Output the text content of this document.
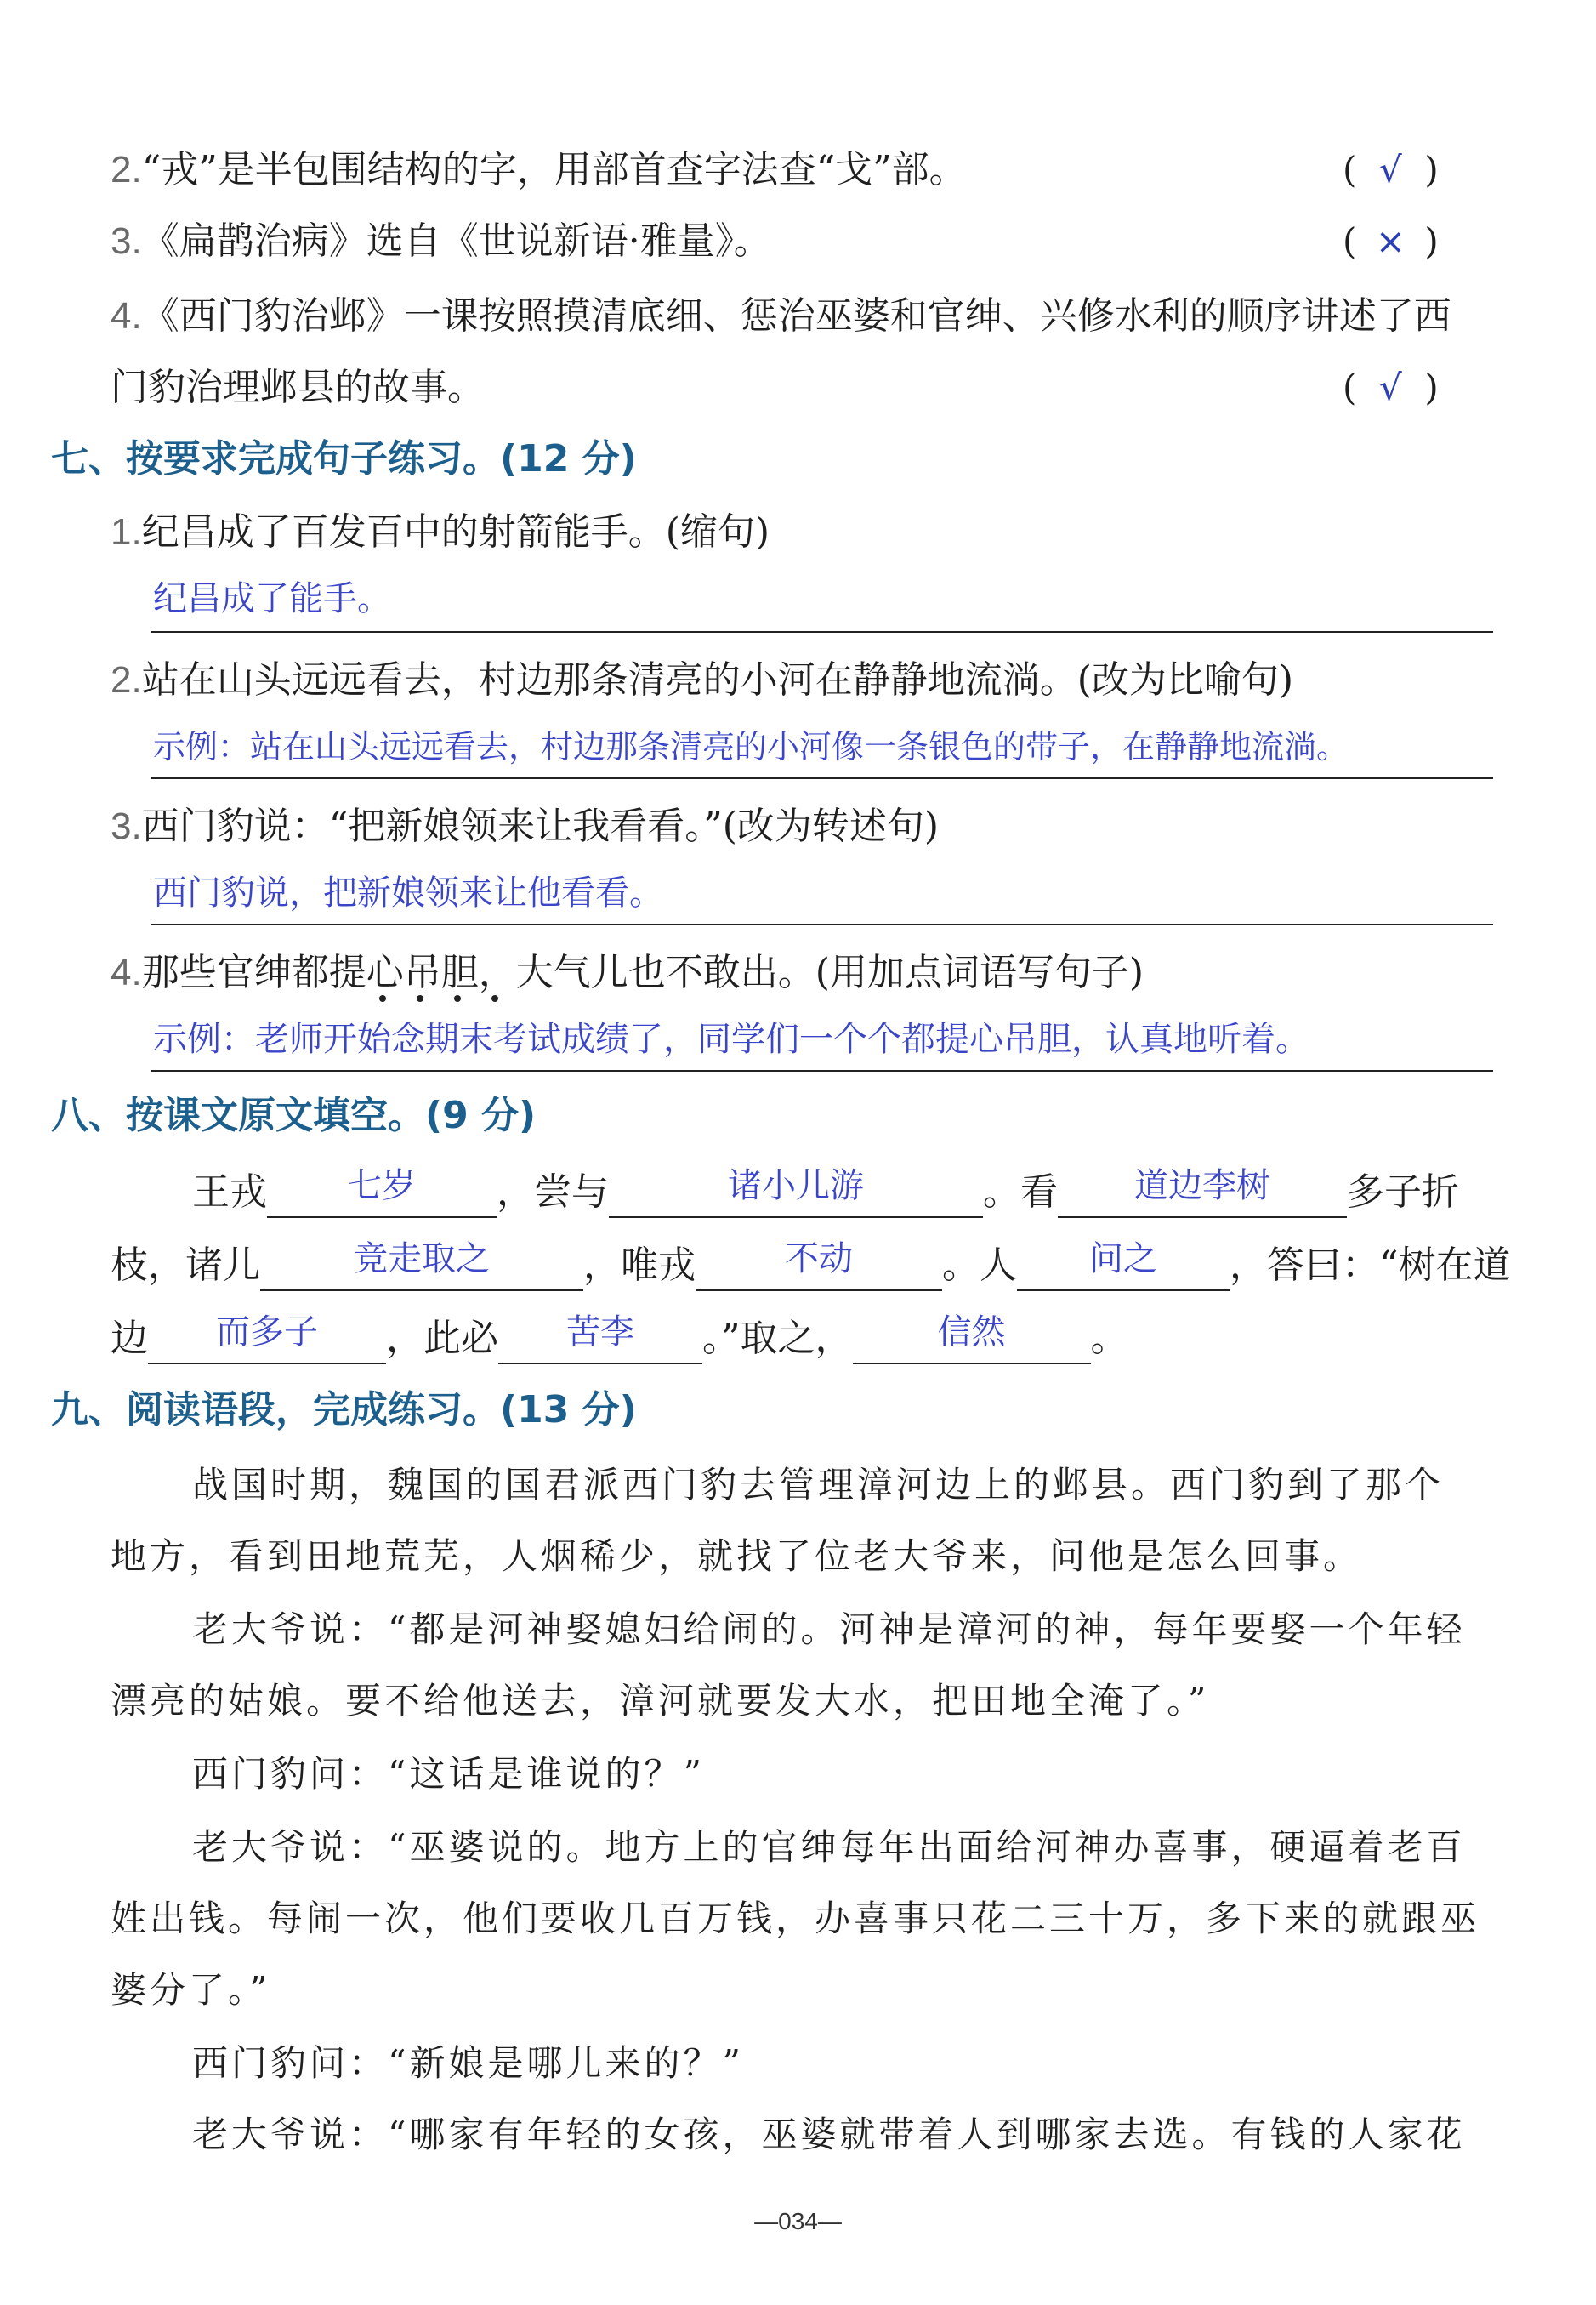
2.“戎”是半包围结构的字，用部首查字法查“戈”部。	( √ )
3.《扁鹊治病》选自《世说新语·雅量》。	( × )
4.《西门豹治邺》一课按照摸清底细、惩治巫婆和官绅、兴修水利的顺序讲述了西
门豹治理邺县的故事。	( √ )
七、按要求完成句子练习。(12 分)
1.纪昌成了百发百中的射箭能手。(缩句)
纪昌成了能手。
2.站在山头远远看去，村边那条清亮的小河在静静地流淌。(改为比喻句)
示例：站在山头远远看去，村边那条清亮的小河像一条银色的带子，在静静地流淌。
3.西门豹说：“把新娘领来让我看看。”(改为转述句)
西门豹说，把新娘领来让他看看。
4.那些官绅都提心吊胆，大气儿也不敢出。(用加点词语写句子)
示例：老师开始念期末考试成绩了，同学们一个个都提心吊胆，认真地听着。
八、按课文原文填空。(9 分)
王戎	七岁	，尝与	诸小儿游	。看	道边李树	多子折
枝，诸儿	竞走取之	，唯戎	不动	。人	问之	，答曰：“树在道
边	而多子	，此必	苦李	。”取之，	信然	。
九、阅读语段，完成练习。(13 分)
战国时期，魏国的国君派西门豹去管理漳河边上的邺县。西门豹到了那个
地方，看到田地荒芜，人烟稀少，就找了位老大爷来，问他是怎么回事。
老大爷说：“都是河神娶媳妇给闹的。河神是漳河的神，每年要娶一个年轻
漂亮的姑娘。要不给他送去，漳河就要发大水，把田地全淹了。”
西门豹问：“这话是谁说的？”
老大爷说：“巫婆说的。地方上的官绅每年出面给河神办喜事，硬逼着老百
姓出钱。每闹一次，他们要收几百万钱，办喜事只花二三十万，多下来的就跟巫
婆分了。”
西门豹问：“新娘是哪儿来的？”
老大爷说：“哪家有年轻的女孩，巫婆就带着人到哪家去选。有钱的人家花
—034—
